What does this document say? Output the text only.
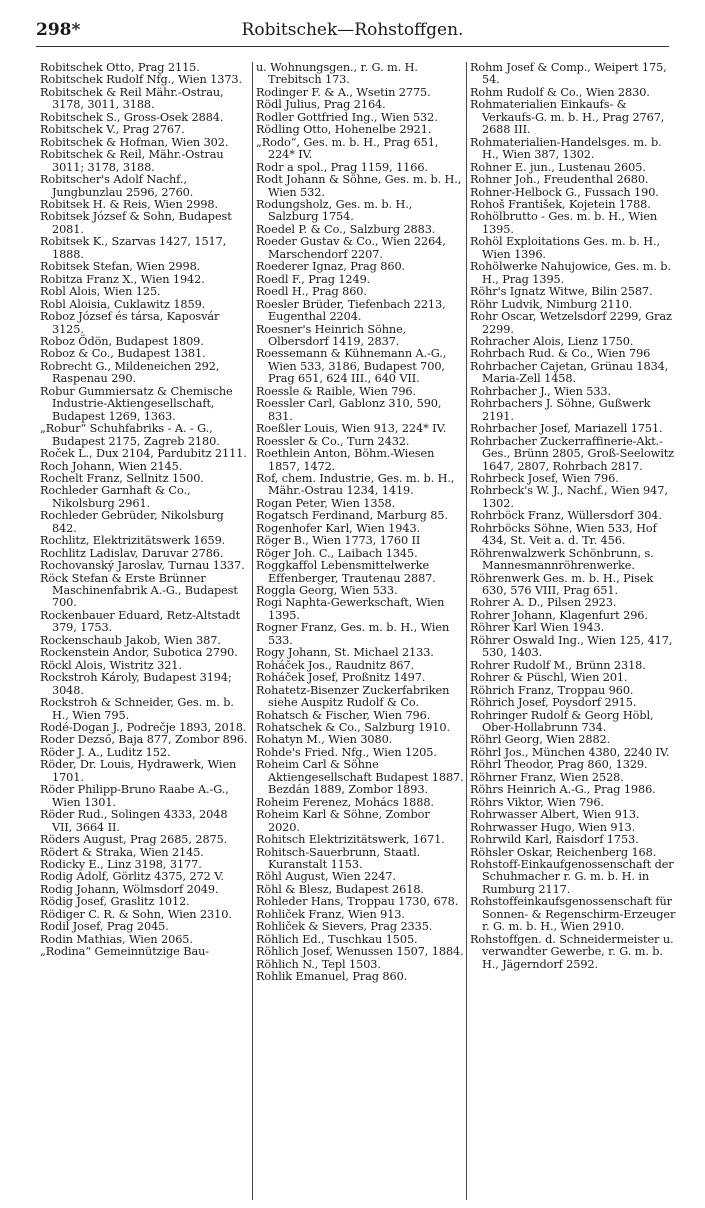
298*	Robitschek—Rohstoffgen.

Robitschek Otto, Prag 2115.

Robitschek Rudolf Nfg., Wien 1373.

Robitschek & Reil Mähr.-Ostrau, 3178, 3011, 3188.

Robitschek S., Gross-Osek 2884.

Robitschek V., Prag 2767.

Robitschek & Hofman, Wien 302.

Robitschek & Reil, Mähr.-Ostrau 3011; 3178, 3188.

Robitscher's Adolf Nachf., Jungbunzlau 2596, 2760.

Robitsek H. & Reis, Wien 2998.

Robitsek József & Sohn, Budapest 2081.

Robitsek K., Szarvas 1427, 1517, 1888.

Robitsek Stefan, Wien 2998.

Robitza Franz X., Wien 1942.

Robl Alois, Wien 125.

Robl Aloisia, Cuklawitz 1859.

Roboz József és társa, Kaposvár 3125.

Roboz Ödön, Budapest 1809.

Roboz & Co., Budapest 1381.

Robrecht G., Mildeneichen 292, Raspenau 290.

Robur Gummiersatz & Chemische Industrie-Aktiengesellschaft, Budapest 1269, 1363.

„Robur“ Schuhfabriks - A. - G., Budapest 2175, Zagreb 2180.

Roček L., Dux 2104, Pardubitz 2111.

Roch Johann, Wien 2145.

Rochelt Franz, Sellnitz 1500.

Rochleder Garnhaft & Co., Nikolsburg 2961.

Rochleder Gebrüder, Nikolsburg 842.

Rochlitz, Elektrizitätswerk 1659.

Rochlitz Ladislav, Daruvar 2786.

Rochovanský Jaroslav, Turnau 1337.

Röck Stefan & Erste Brünner Maschinenfabrik A.-G., Budapest 700.

Rockenbauer Eduard, Retz-Altstadt 379, 1753.

Rockenschaub Jakob, Wien 387.

Rockenstein Andor, Subotica 2790.

Röckl Alois, Wistritz 321.

Rockstroh Károly, Budapest 3194; 3048.

Rockstroh & Schneider, Ges. m. b. H., Wien 795.

Rodé-Dogan J., Podrečje 1893, 2018.

Roder Dezső, Baja 877, Zombor 896.

Röder J. A., Luditz 152.

Röder, Dr. Louis, Hydrawerk, Wien 1701.

Röder Philipp-Bruno Raabe A.-G., Wien 1301.

Röder Rud., Solingen 4333, 2048 VII, 3664 II.

Röders August, Prag 2685, 2875.

Rödert & Straka, Wien 2145.

Rodicky E., Linz 3198, 3177.

Rodig Adolf, Görlitz 4375, 272 V.

Rodig Johann, Wölmsdorf 2049.

Rödig Josef, Graslitz 1012.

Rödiger C. R. & Sohn, Wien 2310.

Rodil Josef, Prag 2045.

Rodin Mathias, Wien 2065.

„Rodina“ Gemeinnützige Bau-

u. Wohnungsgen., r. G. m. H. Trebitsch 173.

Rodinger F. & A., Wsetin 2775.

Rödl Julius, Prag 2164.

Rodler Gottfried Ing., Wien 532.

Rödling Otto, Hohenelbe 2921.

„Rodo“, Ges. m. b. H., Prag 651, 224* IV.

Rodr a spol., Prag 1159, 1166.

Rodt Johann & Söhne, Ges. m. b. H., Wien 532.

Rodungsholz, Ges. m. b. H., Salzburg 1754.

Roedel P. & Co., Salzburg 2883.

Roeder Gustav & Co., Wien 2264, Marschendorf 2207.

Roederer Ignaz, Prag 860.

Roedl F., Prag 1249.

Roedl H., Prag 860.

Roesler Brüder, Tiefenbach 2213, Eugenthal 2204.

Roesner's Heinrich Söhne, Olbersdorf 1419, 2837.

Roessemann & Kühnemann A.-G., Wien 533, 3186, Budapest 700, Prag 651, 624 III., 640 VII.

Roessle & Raible, Wien 796.

Roessler Carl, Gablonz 310, 590, 831.

Roeßler Louis, Wien 913, 224* IV.

Roessler & Co., Turn 2432.

Roethlein Anton, Böhm.-Wiesen 1857, 1472.

Rof, chem. Industrie, Ges. m. b. H., Mähr.-Ostrau 1234, 1419.

Rogan Peter, Wien 1358.

Rogatsch Ferdinand, Marburg 85.

Rogenhofer Karl, Wien 1943.

Röger B., Wien 1773, 1760 II

Röger Joh. C., Laibach 1345.

Roggkaffol Lebensmittelwerke Effenberger, Trautenau 2887.

Roggla Georg, Wien 533.

Rogi Naphta-Gewerkschaft, Wien 1395.

Rogner Franz, Ges. m. b. H., Wien 533.

Rogy Johann, St. Michael 2133.

Roháček Jos., Raudnitz 867.

Roháček Josef, Proßnitz 1497.

Rohatetz-Bisenzer Zuckerfabriken siehe Auspitz Rudolf & Co.

Rohatsch & Fischer, Wien 796.

Rohatschek & Co., Salzburg 1910.

Rohatyn M., Wien 3080.

Rohde's Fried. Nfg., Wien 1205.

Roheim Carl & Söhne Aktiengesellschaft Budapest 1887. Bezdán 1889, Zombor 1893.

Roheim Ferenez, Mohács 1888.

Roheim Karl & Söhne, Zombor 2020.

Rohitsch Elektrizitätswerk, 1671.

Rohitsch-Sauerbrunn, Staatl. Kuranstalt 1153.

Röhl August, Wien 2247.

Röhl & Blesz, Budapest 2618.

Rohleder Hans, Troppau 1730, 678.

Rohliček Franz, Wien 913.

Rohliček & Sievers, Prag 2335.

Röhlich Ed., Tuschkau 1505.

Röhlich Josef, Wenussen 1507, 1884.

Röhlich N., Tepl 1503.

Rohlik Emanuel, Prag 860.

Rohm Josef & Comp., Weipert 175, 54.

Rohm Rudolf & Co., Wien 2830.

Rohmaterialien Einkaufs- & Verkaufs-G. m. b. H., Prag 2767, 2688 III.

Rohmaterialien-Handelsges. m. b. H., Wien 387, 1302.

Rohner E. jun., Lustenau 2605.

Rohner Joh., Freudenthal 2680.

Rohner-Helbock G., Fussach 190.

Rohoš František, Kojetein 1788.

Rohölbrutto - Ges. m. b. H., Wien 1395.

Rohöl Exploitations Ges. m. b. H., Wien 1396.

Rohölwerke Nahujowice, Ges. m. b. H., Prag 1395.

Röhr's Ignatz Witwe, Bilin 2587.

Röhr Ludvik, Nimburg 2110.

Rohr Oscar, Wetzelsdorf 2299, Graz 2299.

Rohracher Alois, Lienz 1750.

Rohrbach Rud. & Co., Wien 796

Rohrbacher Cajetan, Grünau 1834, Maria-Zell 1458.

Rohrbacher J., Wien 533.

Rohrbachers J. Söhne, Gußwerk 2191.

Rohrbacher Josef, Mariazell 1751.

Rohrbacher Zuckerraffinerie-Akt.-Ges., Brünn 2805, Groß-Seelowitz 1647, 2807, Rohrbach 2817.

Rohrbeck Josef, Wien 796.

Rohrbeck's W. J., Nachf., Wien 947, 1302.

Rohrböck Franz, Wüllersdorf 304.

Rohrböcks Söhne, Wien 533, Hof 434, St. Veit a. d. Tr. 456.

Röhrenwalzwerk Schönbrunn, s. Mannesmannröhrenwerke.

Röhrenwerk Ges. m. b. H., Pisek 630, 576 VIII, Prag 651.

Rohrer A. D., Pilsen 2923.

Rohrer Johann, Klagenfurt 296.

Röhrer Karl Wien 1943.

Röhrer Oswald Ing., Wien 125, 417, 530, 1403.

Rohrer Rudolf M., Brünn 2318.

Rohrer & Püschl, Wien 201.

Röhrich Franz, Troppau 960.

Röhrich Josef, Poysdorf 2915.

Rohringer Rudolf & Georg Höbl, Ober-Hollabrunn 734.

Röhrl Georg, Wien 2882.

Röhrl Jos., München 4380, 2240 IV.

Röhrl Theodor, Prag 860, 1329.

Röhrner Franz, Wien 2528.

Röhrs Heinrich A.-G., Prag 1986.

Röhrs Viktor, Wien 796.

Rohrwasser Albert, Wien 913.

Rohrwasser Hugo, Wien 913.

Rohrwild Karl, Raisdorf 1753.

Röhsler Oskar, Reichenberg 168.

Rohstoff-Einkaufgenossenschaft der Schuhmacher r. G. m. b. H. in Rumburg 2117.

Rohstoffeinkaufsgenossenschaft für Sonnen- & Regenschirm-Erzeuger r. G. m. b. H., Wien 2910.

Rohstoffgen. d. Schneidermeister u. verwandter Gewerbe, r. G. m. b. H., Jägerndorf 2592.
